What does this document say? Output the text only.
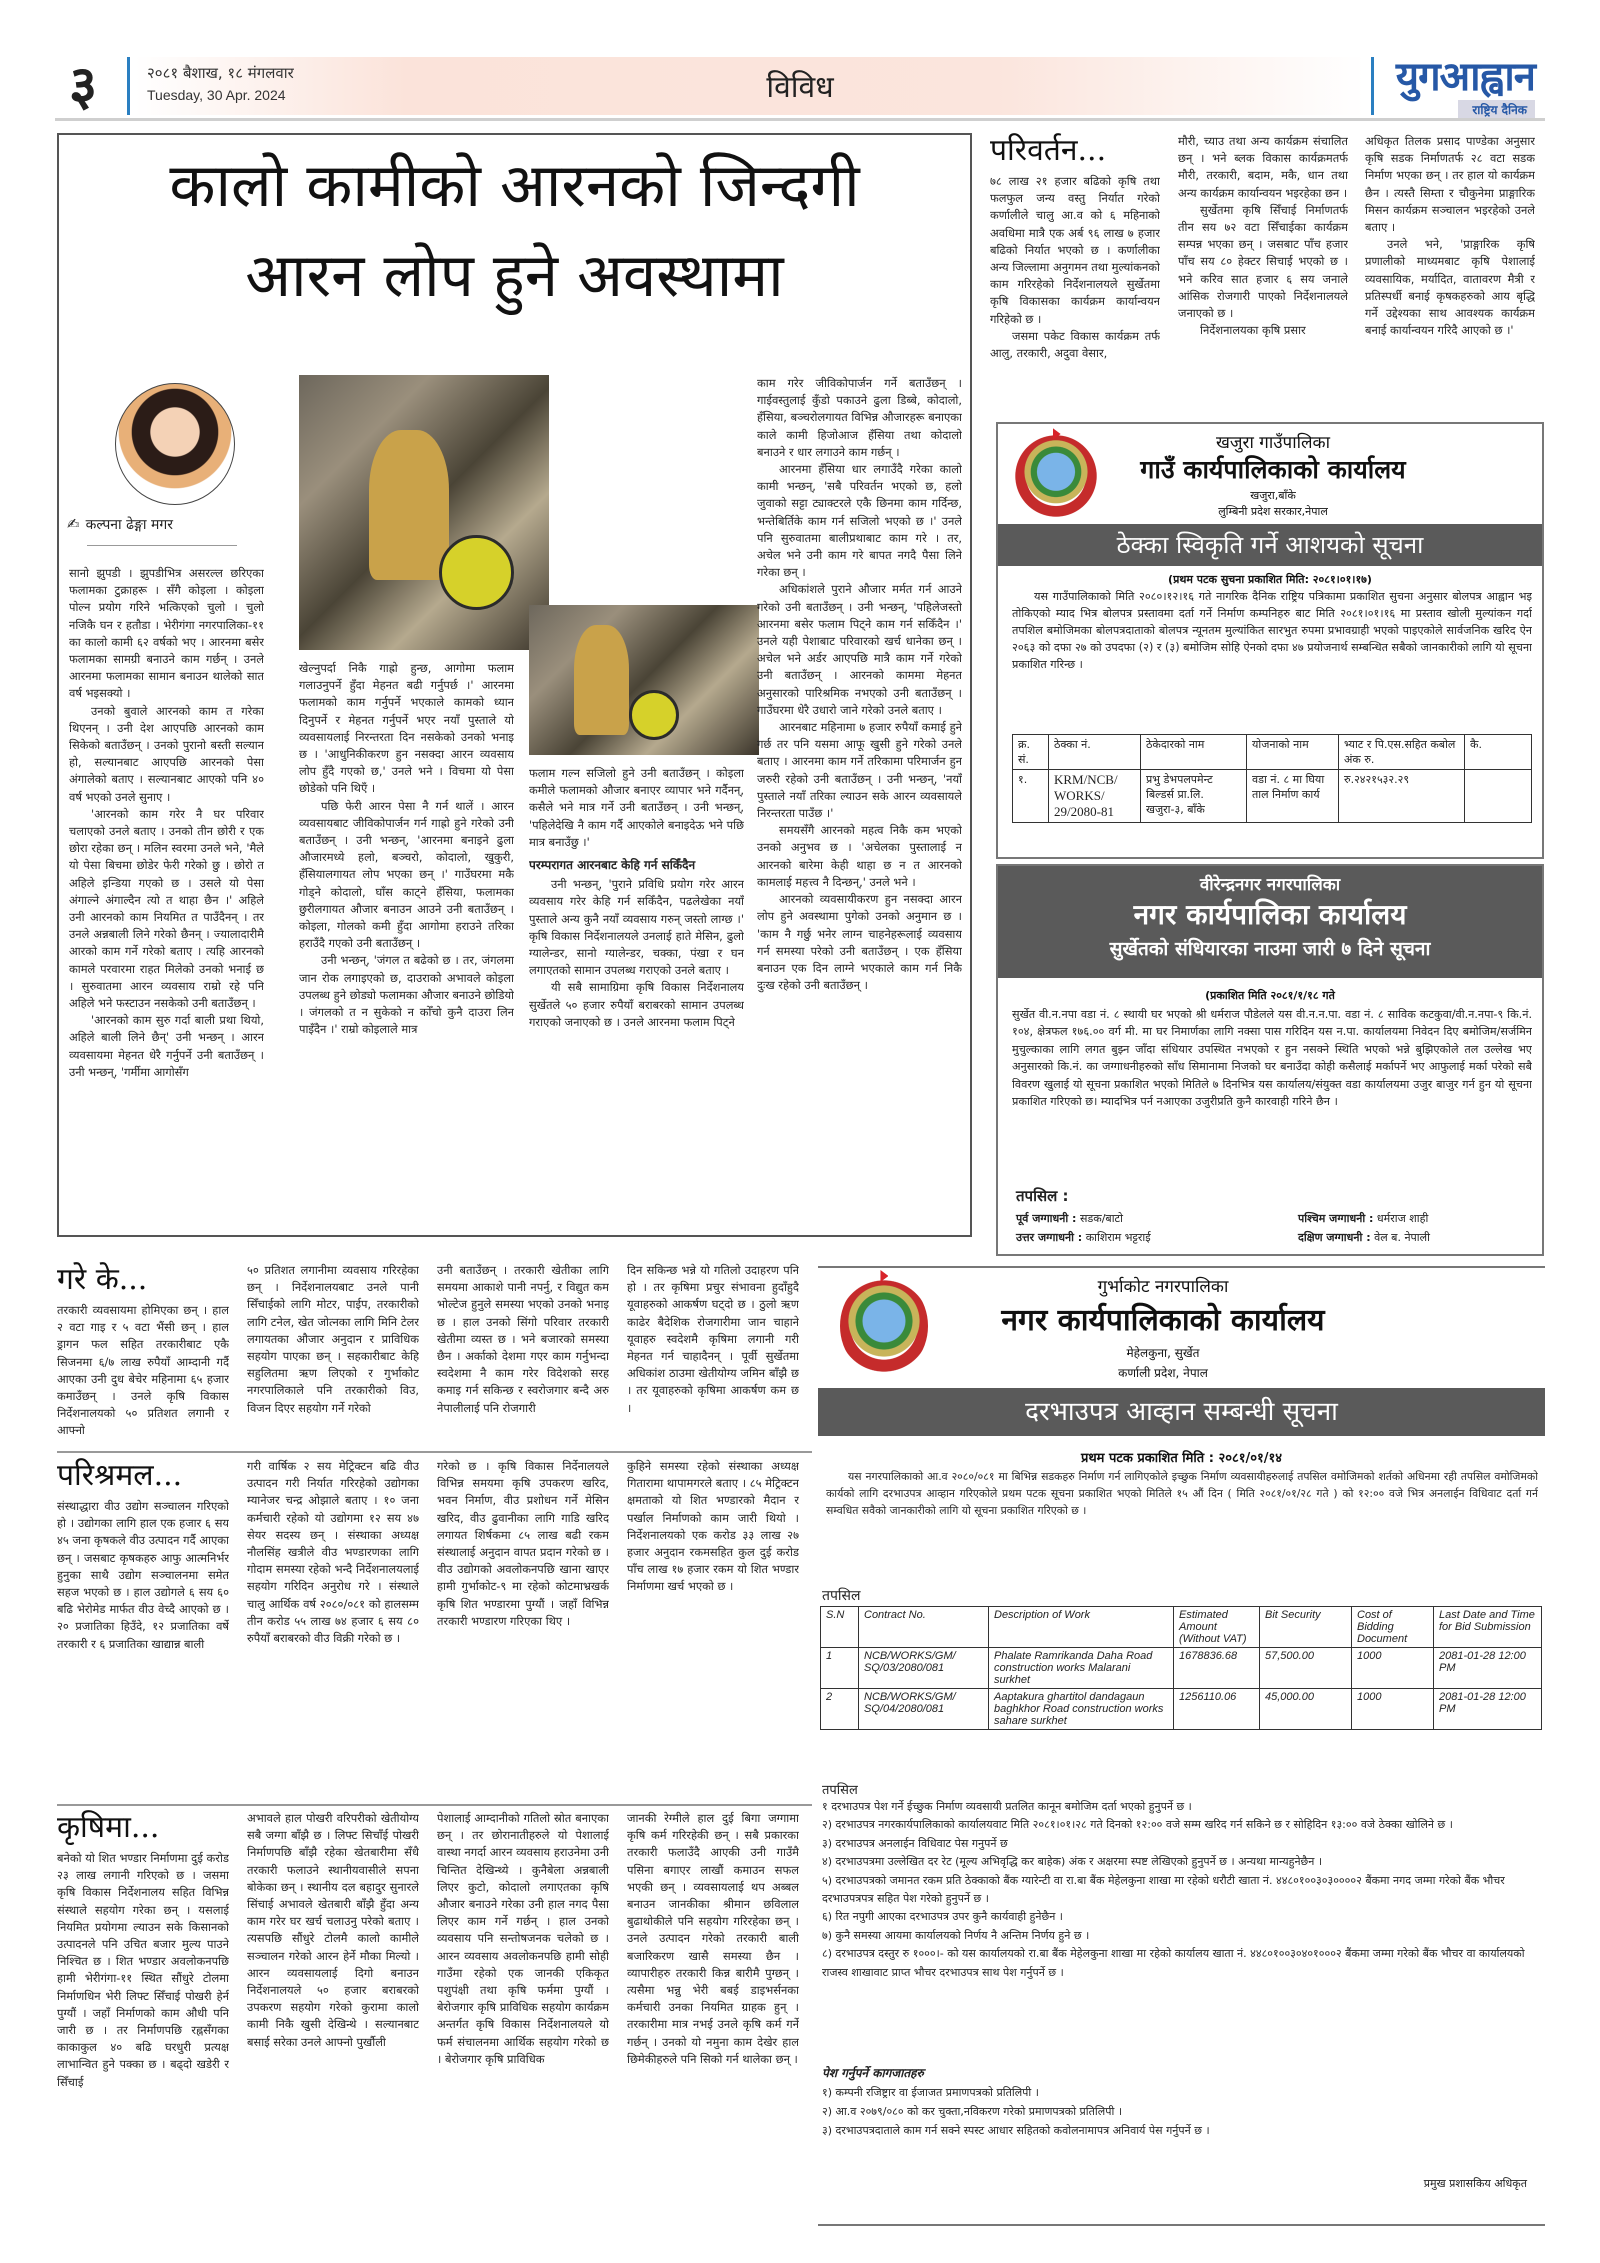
३	२०८१ बैशाख, १८ मंगलवार
Tuesday, 30 Apr. 2024	विविध	युगआह्वान
राष्ट्रिय दैनिक
कालो कामीको आरनको जिन्दगी
आरन लोप हुने अवस्थामा
✍ कल्पना ढेङ्गा मगर

सानो झुपडी । झुपडीभित्र असरल्ल छरिएका फलामका टुक्राहरू । सँगै कोइला । कोइला पोल्न प्रयोग गरिने भत्किएको चुलो । चुलो नजिकै घन र हतौडा । भेरीगंगा नगरपालिका-११ का कालो कामी ६२ वर्षको भए । आरनमा बसेर फलामका सामग्री बनाउने काम गर्छन् । उनले आरनमा फलामका सामान बनाउन थालेको सात वर्ष भइसक्यो ।

उनको बुवाले आरनको काम त गरेका थिएनन् । उनी देश आएपछि आरनको काम सिकेको बताउँछन् । उनको पुरानो बस्ती सल्यान हो, सल्यानबाट आएपछि आरनको पेसा अंगालेको बताए । सल्यानबाट आएको पनि ४० वर्ष भएको उनले सुनाए ।

'आरनको काम गरेर नै घर परिवार चलाएको उनले बताए । उनको तीन छोरी र एक छोरा रहेका छन् । मलिन स्वरमा उनले भने, 'मैले यो पेसा बिचमा छोडेर फेरी गरेको छु । छोरो त अहिले इन्डिया गएको छ । उसले यो पेसा अंगाल्ने अंगाल्दैन त्यो त थाहा छैन ।' अहिले उनी आरनको काम नियमित त पाउँदैनन् । तर उनले अन्नबाली लिने गरेको छैनन् । ज्यालादारीमै आरको काम गर्ने गरेको बताए । त्यहि आरनको कामले परवारमा राहत मिलेको उनको भनाई छ । सुरुवातमा आरन व्यवसाय राम्रो रहे पनि अहिले भने फस्टाउन नसकेको उनी बताउँछन् ।

'आरनको काम सुरु गर्दा बाली प्रथा थियो, अहिले बाली लिने छैन्' उनी भन्छन् । आरन व्यवसायमा मेहनत धेरै गर्नुपर्ने उनी बताउँछन् । उनी भन्छन्, 'गर्मीमा आगोसँग

खेल्नुपर्दा निकै गाह्रो हुन्छ, आगोमा फलाम गलाउनुपर्ने हुँदा मेहनत बढी गर्नुपर्छ ।' आरनमा फलामको काम गर्नुपर्ने भएकाले कामको ध्यान दिनुपर्ने र मेहनत गर्नुपर्ने भएर नयाँ पुस्ताले यो व्यवसायलाई निरन्तरता दिन नसकेको उनको भनाइ छ । 'आधुनिकीकरण हुन नसक्दा आरन व्यवसाय लोप हुँदै गएको छ,' उनले भने । विचमा यो पेसा छोडेको पनि थिएँ ।

पछि फेरी आरन पेसा नै गर्न थालें । आरन व्यवसायबाट जीविकोपार्जन गर्न गाह्रो हुने गरेको उनी बताउँछन् । उनी भन्छन्, 'आरनमा बनाइने ढुला औजारमध्ये हलो, बञ्चरो, कोदालो, खुकुरी, हँसियालगायत लोप भएका छन् ।' गाउँघरमा मकै गोड्ने कोदालो, घाँस काट्ने हँसिया, फलामका छुरीलगायत औजार बनाउन आउने उनी बताउँछन् । कोइला, गोलको कमी हुँदा आगोमा हराउने तरिका हराउँदै गएको उनी बताउँछन् ।

उनी भन्छन्, 'जंगल त बढेको छ । तर, जंगलमा जान रोक लगाइएको छ, दाउराको अभावले कोइला उपलब्ध हुने छोड्यो फलामका औजार बनाउने छोडियो । जंगलको त न सुकेको न कोँचो कुनै दाउरा लिन पाइँदैन ।' राम्रो कोइलाले मात्र

फलाम गल्न सजिलो हुने उनी बताउँछन् । कोइला कमीले फलामको औजार बनाएर व्यापार भने गर्दैनन्, कसैले भने मात्र गर्ने उनी बताउँछन् । उनी भन्छन्, 'पहिलेदेखि नै काम गर्दै आएकोले बनाइदेऊ भने पछि मात्र बनाउँछु ।'

परम्परागत आरनबाट केहि गर्न सकिँदैन

उनी भन्छन्, 'पुराने प्रविधि प्रयोग गरेर आरन व्यवसाय गरेर केहि गर्न सकिँदैन, पढलेखेका नयाँ पुस्ताले अन्य कुनै नयाँ व्यवसाय गरुन् जस्तो लाग्छ ।' कृषि विकास निर्देशनालयले उनलाई हाते मेसिन, ढुलो ग्यालेन्डर, सानो ग्यालेन्डर, चक्का, पंखा र घन लगाएतको सामान उपलब्ध गराएको उनले बताए ।

यी सबै सामाग्रिमा कृषि विकास निर्देशनालय सुर्खेतले ५० हजार रुपैयाँ बराबरको सामान उपलब्ध गराएको जनाएको छ । उनले आरनमा फलाम पिट्ने

काम गरेर जीविकोपार्जन गर्ने बताउँछन् । गाईवस्तुलाई कुँडो पकाउने ढुला डिब्बे, कोदालो, हँसिया, बञ्चरोलगायत विभिन्न औजारहरू बनाएका काले कामी हिजोआज हँसिया तथा कोदालो बनाउने र धार लगाउने काम गर्छन् ।

आरनमा हँसिया धार लगाउँदै गरेका कालो कामी भन्छन्, 'सबै परिवर्तन भएको छ, हलो जुवाको सट्टा ट्याक्टरले एकै छिनमा काम गर्दिन्छ, भन्तेबिर्तिके काम गर्न सजिलो भएको छ ।' उनले पनि सुरुवातमा बालीप्रथाबाट काम गरे । तर, अचेल भने उनी काम गरे बापत नगदै पैसा लिने गरेका छन् ।

अधिकांशले पुराने औजार मर्मत गर्न आउने गरेको उनी बताउँछन् । उनी भन्छन्, 'पहिलेजस्तो आरनमा बसेर फलाम पिट्ने काम गर्न सकिँदैन ।' उनले यही पेशाबाट परिवारको खर्च धानेका छन् । अचेल भने अर्डर आएपछि मात्रै काम गर्ने गरेको उनी बताउँछन् । आरनको काममा मेहनत अनुसारको पारिश्रमिक नभएको उनी बताउँछन् । गाउँघरमा धेरै उधारो जाने गरेको उनले बताए ।

आरनबाट महिनामा ७ हजार रुपैयाँ कमाई हुने गर्छ तर पनि यसमा आफू खुसी हुने गरेको उनले बताए । आरनमा काम गर्ने तरिकामा परिमार्जन हुन जरुरी रहेको उनी बताउँछन् । उनी भन्छन्, 'नयाँ पुस्ताले नयाँ तरिका ल्याउन सके आरन व्यवसायले निरन्तरता पाउँछ ।'

समयसँगै आरनको महत्व निकै कम भएको उनको अनुभव छ । 'अचेलका पुस्तालाई न आरनको बारेमा केही थाहा छ न त आरनको कामलाई महत्त्व नै दिन्छन्,' उनले भने ।

आरनको व्यवसायीकरण हुन नसक्दा आरन लोप हुने अवस्थामा पुगेको उनको अनुमान छ । 'काम नै गर्छु भनेर लाग्न चाहनेहरूलाई व्यवसाय गर्न समस्या परेको उनी बताउँछन् । एक हँसिया बनाउन एक दिन लाग्ने भएकाले काम गर्न निकै दुःख रहेको उनी बताउँछन् ।

परिवर्तन...

७८ लाख २१ हजार बढिको कृषि तथा फलफुल जन्य वस्तु निर्यात गरेको कर्णालीले चालु आ.व को ६ महिनाको अवधिमा मात्रै एक अर्ब ९६ लाख ७ हजार बढिको निर्यात भएको छ । कर्णालीका अन्य जिल्लामा अनुगमन तथा मुल्यांकनको काम गरिरहेको निर्देशनालयले सुर्खेतमा कृषि विकासका कार्यक्रम कार्यान्वयन गरिहेको छ ।

जसमा पकेट विकास कार्यक्रम तर्फ आलु, तरकारी, अदुवा वेसार,

मौरी, च्याउ तथा अन्य कार्यक्रम संचालित छन् । भने ब्लक विकास कार्यक्रमतर्फ मौरी, तरकारी, बदाम, मकै, धान तथा अन्य कार्यक्रम कार्यान्वयन भइरहेका छन ।

सुर्खेतमा कृषि सिँचाई निर्माणतर्फ तीन सय ७२ वटा सिँचाईका कार्यक्रम सम्पन्न भएका छन् । जसबाट पाँच हजार पाँच सय ८० हेक्टर सिचाई भएको छ । भने करिव सात हजार ६ सय जनाले आंसिक रोजगारी पाएको निर्देशनालयले जनाएको छ ।

निर्देशनालयका कृषि प्रसार

अधिकृत तिलक प्रसाद पाण्डेका अनुसार कृषि सडक निर्माणतर्फ २८ वटा सडक निर्माण भएका छन् । तर हाल यो कार्यक्रम छैन । त्यस्तै सिम्ता र चौकुनेमा प्राङ्गारिक मिसन कार्यक्रम सञ्चालन भइरहेको उनले बताए ।

उनले भने, 'प्राङ्गारिक कृषि प्रणालीको माध्यमबाट कृषि पेशालाई व्यवसायिक, मर्यादित, वातावरण मैत्री र प्रतिस्पर्धी बनाई कृषकहरुको आय बृद्धि गर्ने उद्देश्यका साथ आवश्यक कार्यक्रम बनाई कार्यान्वयन गरिदै आएको छ ।'

खजुरा गाउँपालिका
गाउँ कार्यपालिकाको कार्यालय
खजुरा,बाँके
लुम्बिनी प्रदेश सरकार,नेपाल
ठेक्का स्विकृति गर्ने आशयको सूचना
(प्रथम पटक सुचना प्रकाशित मिति: २०८१।०१।१७)

यस गाउँपालिकाको मिति २०८०।१२।१६ गते नागरिक दैनिक राष्ट्रिय पत्रिकामा प्रकाशित सुचना अनुसार बोलपत्र आह्वान भइ तोकिएको म्याद भित्र बोलपत्र प्रस्तावमा दर्ता गर्ने निर्माण कम्पनिहरु बाट मिति २०८१।०१।१६ मा प्रस्ताव खोली मुल्यांकन गर्दा तपशिल बमोजिमका बोलपत्रदाताको बोलपत्र न्यूनतम मुल्यांकित सारभुत रुपमा प्रभावग्राही भएको पाइएकोले सार्वजनिक खरिद ऐन २०६३ को दफा २७ को उपदफा (२) र (३) बमोजिम सोहि ऐनको दफा ४७ प्रयोजनार्थ सम्बन्धित सबैको जानकारीको लागि यो सूचना प्रकाशित गरिन्छ ।

क्र. सं.	ठेक्का नं.	ठेकेदारको नाम	योजनाको नाम	भ्याट र पि.एस.सहित कबोल अंक रु.	कै.
१.	KRM/NCB/ WORKS/ 29/2080-81	प्रभु डेभपलपमेन्ट बिल्डर्स प्रा.लि. खजुरा-३, बाँके	वडा नं. ८ मा घिया ताल निर्माण कार्य	रु.२४२१५३२.२९	
वीरेन्द्रनगर नगरपालिका
नगर कार्यपालिका कार्यालय
सुर्खेतको संधियारका नाउमा जारी ७ दिने सूचना
(प्रकाशित मिति २०८१/१/१८ गते

सुर्खेत वी.न.नपा वडा नं. ८ स्थायी घर भएको श्री धर्मराज पौडेलले यस वी.न.न.पा. वडा नं. ८ साविक कटकुवा/वी.न.नपा-९ कि.नं. १०४, क्षेत्रफल १७६.०० वर्ग मी. मा घर निमार्णका लागि नक्सा पास गरिदिन यस न.पा. कार्यालयमा निवेदन दिए बमोजिम/सर्जमिन मुचुल्काका लागि लगत बुझ्न जाँदा संधियार उपस्थित नभएको र हुन नसक्ने स्थिति भएको भन्ने बुझिएकोले तल उल्लेख भए अनुसारको कि.नं. का जग्गाधनीहरुको साँध सिमानामा निजको घर बनाउँदा कोही कसैलाई मर्कापर्ने भए आफुलाई मर्का परेको सबै विवरण खुलाई यो सूचना प्रकाशित भएको मितिले ७ दिनभित्र यस कार्यालय/संयुक्त वडा कार्यालयमा उजुर बाजुर गर्न हुन यो सूचना प्रकाशित गरिएको छ। म्यादभित्र पर्न नआएका उजुरीप्रति कुनै कारवाही गरिने छैन ।

तपसिल :
पूर्व जग्गाधनी : सडक/बाटो	पश्चिम जग्गाधनी : धर्मराज शाही
उत्तर जग्गाधनी : काशिराम भट्टराई	दक्षिण जग्गाधनी : वेल ब. नेपाली
गरे के...

तरकारी व्यवसायमा होमिएका छन् । हाल २ वटा गाइ र ५ वटा भैंसी छन् । हाल ड्रागन फल सहित तरकारीबाट एकै सिजनमा ६/७ लाख रुपैयाँ आम्दानी गर्दै आएका उनी दुध बेचेर महिनामा ६५ हजार कमाउँछन् । उनले कृषि विकास निर्देशनालयको ५० प्रतिशत लगानी र आफ्नो

५० प्रतिशत लगानीमा व्यवसाय गरिरहेका छन् । निर्देशनालयबाट उनले पानी सिँचाईको लागि मोटर, पाईप, तरकारीको लागि टनेल, खेत जोत्नका लागि मिनि टेलर लगायतका औजार अनुदान र प्राविधिक सहयोग पाएका छन् । सहकारीबाट केहि सहुलितमा ऋण लिएको र गुर्भाकोट नगरपालिकाले पनि तरकारीको विउ, विजन दिएर सहयोग गर्ने गरेको

उनी बताउँछन् । तरकारी खेतीका लागि समयमा आकाशे पानी नपर्नु, र विद्युत कम भोल्टेज हुनुले समस्या भएको उनको भनाइ छ । हाल उनको सिंगो परिवार तरकारी खेतीमा व्यस्त छ । भने बजारको समस्या छैन । अर्काको देशमा गएर काम गर्नुभन्दा स्वदेशमा नै काम गरेर विदेशको सरह कमाइ गर्न सकिन्छ र स्वरोजगार बन्दै अरु नेपालीलाई पनि रोजगारी

दिन सकिन्छ भन्ने यो गतिलो उदाहरण पनि हो । तर कृषिमा प्रचुर संभावना हुदाँहुदै यूवाहरुको आकर्षण घट्दो छ । ठुलो ऋण काढेर बैदेशिक रोजगारीमा जान चाहाने यूवाहरु स्वदेशमै कृषिमा लगानी गरी मेहनत गर्न चाहादैनन् । पूर्वी सुर्खेतमा अधिकांश ठाउमा खेतीयोग्य जमिन बाँझै छ । तर यूवाहरुको कृषिमा आकर्षण कम छ ।

परिश्रमल...

संस्थाद्धारा वीउ उद्योग सञ्चालन गरिएको हो । उद्योगका लागि हाल एक हजार ६ सय ४५ जना कृषकले वीउ उत्पादन गर्दै आएका छन् । जसबाट कृषकहरु आफु आत्मनिर्भर हुनुका साथै उद्योग सञ्चालनमा समेत सहज भएको छ । हाल उद्योगले ६ सय ६० बढि भेरोमेड मार्फत वीउ वेच्दै आएको छ । २० प्रजातिका हिउँदे, १२ प्रजातिका वर्षे तरकारी र ६ प्रजातिका खाद्यान्न बाली

गरी वार्षिक २ सय मेट्रिक्टन बढि वीउ उत्पादन गरी निर्यात गरिरहेको उद्योगका म्यानेजर चन्द्र ओझाले बताए । १० जना कर्मचारी रहेको यो उद्योगमा १२ सय ४७ सेयर सदस्य छन् । संस्थाका अध्यक्ष नौलसिंह खत्रीले वीउ भण्डारणका लागि गोदाम समस्या रहेको भन्दै निर्देशनालयलाई सहयोग गरिदिन अनुरोध गरे । संस्थाले चालु आर्थिक वर्ष २०८०/०८१ को हालसम्म तीन करोड ५५ लाख ७४ हजार ६ सय ८० रुपैयाँ बराबरको वीउ विक्री गरेको छ ।

गरेको छ । कृषि विकास निर्देनालयले विभिन्न समयमा कृषि उपकरण खरिद, भवन निर्माण, वीउ प्रशोधन गर्ने मेसिन खरिद, वीउ ढुवानीका लागि गाडि खरिद लगायत शिर्षकमा ८५ लाख बढी रकम संस्थालाई अनुदान वापत प्रदान गरेको छ । वीउ उद्योगको अवलोकनपछि खाना खाएर हामी गुर्भाकोट-९ मा रहेको कोटमाभ्रखर्क कृषि शित भण्डारमा पुग्यौं । जहाँ विभिन्न तरकारी भण्डारण गरिएका थिए ।

कुहिने समस्या रहेको संस्थाका अध्यक्ष गितारामा थापामगरले बताए । ८५ मेट्रिक्टन क्षमताको यो शित भण्डारको मैदान र पर्खाल निर्माणको काम जारी थियो । निर्देशनालयको एक करोड ३३ लाख २७ हजार अनुदान रकमसहित कुल दुई करोड पाँच लाख १७ हजार रकम यो शित भण्डार निर्माणमा खर्च भएको छ ।

कृषिमा...

बनेको यो शित भण्डार निर्माणमा दुई करोड २३ लाख लगानी गरिएको छ । जसमा कृषि विकास निर्देशनालय सहित विभिन्न संस्थाले सहयोग गरेका छन् । यसलाई नियमित प्रयोगमा ल्याउन सके किसानको उत्पादनले पनि उचित बजार मुल्य पाउने निश्चित छ । शित भण्डार अवलोकनपछि हामी भेरीगंगा-११ स्थित सौंधुरे टोलमा निर्माणधिन भेरी लिफ्ट सिँचाई पोखरी हेर्न पुग्यौं । जहाँ निर्माणको काम औधी पनि जारी छ । तर निर्माणपछि रह्नसँगका काकाकुल ४० बढि घरधुरी प्रत्यक्ष लाभान्वित हुने पक्का छ । बढ्दो खडेरी र सिँचाई

अभावले हाल पोखरी वरिपरीको खेतीयोग्य सबै जग्गा बाँझै छ । लिफ्ट सिचाँई पोखरी निर्माणपछि बाँझै रहेका खेतबारीमा सँधै तरकारी फलाउने स्थानीयवासीले सपना बोकेका छन् । स्थानीय दल बहादुर सुनारले सिंचाई अभावले खेतबारी बाँझै हुँदा अन्य काम गरेर घर खर्च चलाउनु परेको बताए । त्यसपछि सौंधुरे टोलमै कालो कामीले सञ्चालन गरेको आरन हेर्ने मौका मिल्यो । आरन व्यवसायलाई दिगो बनाउन निर्देशनालयले ५० हजार बराबरको उपकरण सहयोग गरेको कुरामा कालो कामी निकै खुसी देखिन्थे । सल्यानबाट बसाई सरेका उनले आफ्नो पुर्खौली

पेशालाई आम्दानीको गतिलो स्रोत बनाएका छन् । तर छोरानातीहरुले यो पेशालाई वास्था नगर्दा आरन व्यवसाय हराउनेमा उनी चिन्तित देखिन्थ्ये । कुनैबेला अन्नबाली लिएर कुटो, कोदालो लगाएतका कृषि औजार बनाउने गरेका उनी हाल नगद पैसा लिएर काम गर्ने गर्छन् । हाल उनको व्यवसाय पनि सन्तोषजनक चलेको छ । आरन व्यवसाय अवलोकनपछि हामी सोही गाउँमा रहेको एक जानकी एकिकृत पशुपंक्षी तथा कृषि फर्ममा पुग्यौं । बेरोजगार कृषि प्राविधिक सहयोग कार्यक्रम अन्तर्गत कृषि विकास निर्देशनालयले यो फर्म संचालनमा आर्थिक सहयोग गरेको छ । बेरोजगार कृषि प्राविधिक

जानकी रेग्मीले हाल दुई बिगा जग्गामा कृषि कर्म गरिरहेकी छन् । सबै प्रकारका तरकारी फलाउँदै आएकी उनी गाउँमै पसिना बगाएर लाखौं कमाउन सफल भएकी छन् । व्यवसायलाई थप अब्बल बनाउन जानकीका श्रीमान छविलाल बुढाथोकीले पनि सहयोग गरिरहेका छन् । उनले उत्पादन गरेको तरकारी बाली बजारिकरण खासै समस्या छैन । व्यापारीहरु तरकारी किन्न बारीमै पुग्छन् । त्यसैमा भन्नु भेरी बबई डाइभर्सनका कर्मचारी उनका नियमित ग्राहक हुन् । तरकारीमा मात्र नभई उनले कृषि कर्म गर्ने गर्छन् । उनको यो नमुना काम देखेर हाल छिमेकीहरुले पनि सिको गर्न थालेका छन् ।

गुर्भाकोट नगरपालिका
नगर कार्यपालिकाको कार्यालय
मेहेलकुना, सुर्खेत
कर्णाली प्रदेश, नेपाल
दरभाउपत्र आव्हान सम्बन्धी सूचना
प्रथम पटक प्रकाशित मिति : २०८१/०१/१४

यस नगरपालिकाको आ.व २०८०/०८१ मा बिभिन्न सडकहरु निर्माण गर्न लागिएकोले इच्छुक निर्माण व्यवसायीहरुलाई तपसिल वमोजिमको शर्तको अधिनमा रही तपसिल वमोजिमको कार्यको लागि दरभाउपत्र आव्हान गरिएकोले प्रथम पटक सूचना प्रकाशित भएको मितिले १५ औं दिन ( मिति २०८१/०१/२८ गते ) को १२:०० वजे भित्र अनलाईन विधिवाट दर्ता गर्न सम्वधित सवैको जानकारीको लागि यो सूचना प्रकाशित गरिएको छ ।

तपसिल
S.N	Contract No.	Description of Work	Estimated Amount (Without VAT)	Bit Security	Cost of Bidding Document	Last Date and Time for Bid Submission
1	NCB/WORKS/GM/ SQ/03/2080/081	Phalate Ramrikanda Daha Road construction works Malarani surkhet	1678836.68	57,500.00	1000	2081-01-28 12:00 PM
2	NCB/WORKS/GM/ SQ/04/2080/081	Aaptakura ghartitol dandagaun baghkhor Road construction works sahare surkhet	1256110.06	45,000.00	1000	2081-01-28 12:00 PM
तपसिल
१ दरभाउपत्र पेश गर्ने ईच्छुक निर्माण व्यवसायी प्रतलित कानून बमोजिम दर्ता भएको हुनुपर्ने छ ।
२) दरभाउपत्र नगरकार्यपालिकाको कार्यालयवाट मिति २०८१।०१।२८ गते दिनको १२:०० वजे सम्म खरिद गर्न सकिने छ र सोहिदिन १३:०० वजे ठेक्का खोलिने छ ।
३) दरभाउपत्र अनलाईन विधिवाट पेस गनुपर्ने छ
४) दरभाउपत्रमा उल्लेखित दर रेट (मूल्य अभिवृद्धि कर बाहेक) अंक र अक्षरमा स्पष्ट लेखिएको हुनुपर्ने छ । अन्यथा मान्यहुनेछैन ।
५) दरभाउपत्रको जमानत रकम प्रति ठेक्काको बैंक ग्यारेन्टी वा रा.बा बैंक मेहेलकुना शाखा मा रहेको धरौटी खाता नं. ४४८०१००३०३००००२ बैंकमा नगद जम्मा गरेको बैंक भौचर दरभाउपत्रपत्र सहित पेश गरेको हुनुपर्ने छ ।
६) रित नपुगी आएका दरभाउपत्र उपर कुनै कार्यवाही हुनेछैन ।
७) कुनै समस्या आयमा कार्यालयको निर्णय नै अन्तिम निर्णय हुने छ ।
८) दरभाउपत्र दस्तुर रु १०००।- को यस कार्यालयको रा.बा बैंक मेहेलकुना शाखा मा रहेको कार्यालय खाता नं. ४४८०१००३०४०१०००२ बैंकमा जम्मा गरेको बैंक भौचर वा कार्यालयको राजस्व शाखावाट प्राप्त भौचर दरभाउपत्र साथ पेश गर्नुपर्ने छ ।
पेश गर्नुपर्ने कागजातहरु
१) कम्पनी रजिष्ट्रार वा ईजाजत प्रमाणपत्रको प्रतिलिपी ।
२) आ.व २०७९/०८० को कर चुक्ता,नविकरण गरेको प्रमाणपत्रको प्रतिलिपी ।
३) दरभाउपत्रदाताले काम गर्न सक्ने स्पस्ट आधार सहितको कवोलनामापत्र अनिवार्य पेस गर्नुपर्ने छ ।
प्रमुख प्रशासकिय अधिकृत
